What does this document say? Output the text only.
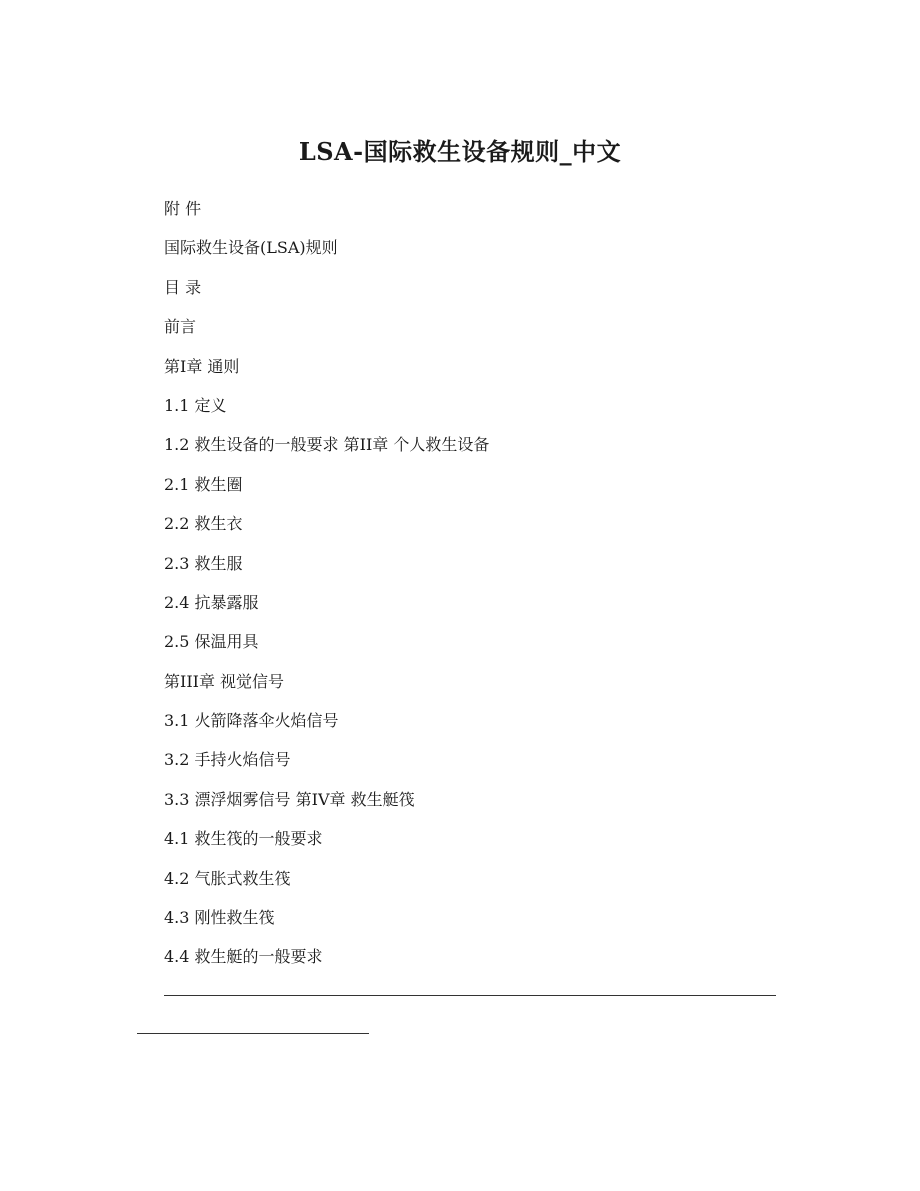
LSA-国际救生设备规则_中文
附 件
国际救生设备(LSA)规则
目 录
前言
第I章 通则
1.1 定义
1.2 救生设备的一般要求 第II章 个人救生设备
2.1 救生圈
2.2 救生衣
2.3 救生服
2.4 抗暴露服
2.5 保温用具
第III章 视觉信号
3.1 火箭降落伞火焰信号
3.2 手持火焰信号
3.3 漂浮烟雾信号 第IV章 救生艇筏
4.1 救生筏的一般要求
4.2 气胀式救生筏
4.3 刚性救生筏
4.4 救生艇的一般要求
